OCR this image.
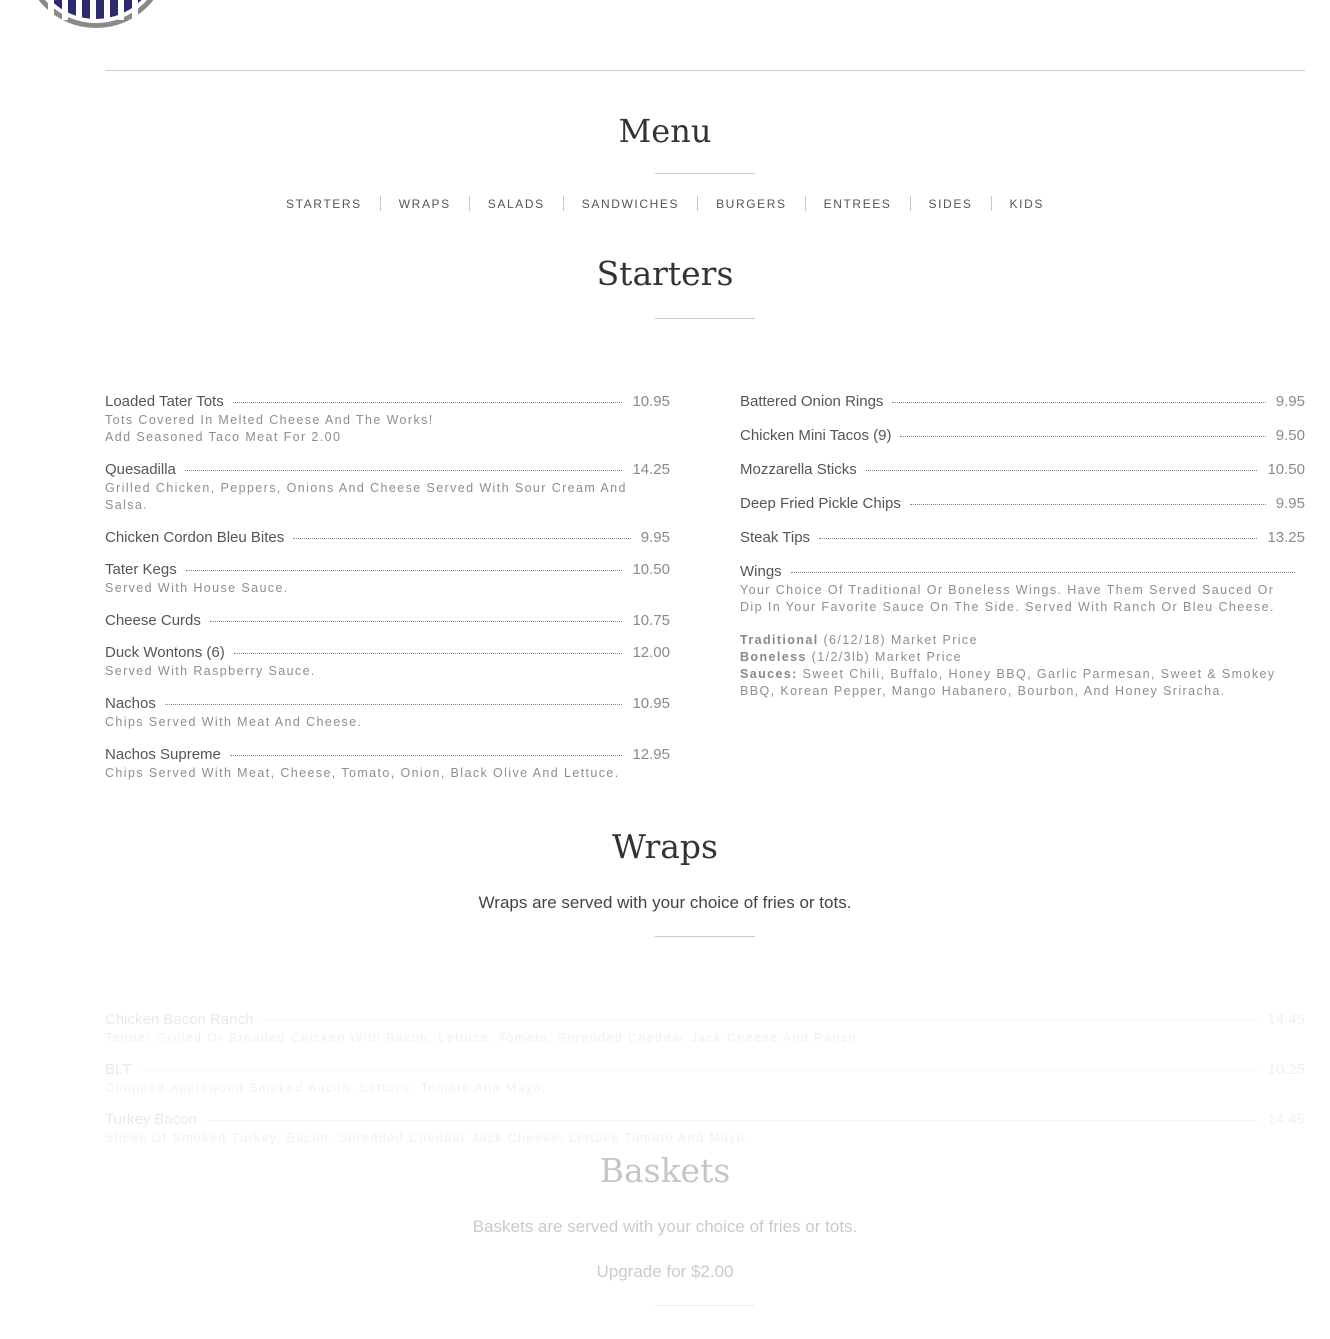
Menu
STARTERS	WRAPS	SALADS	SANDWICHES	BURGERS	ENTREES	SIDES	KIDS
Starters
Loaded Tater Tots	10.95
Tots Covered In Melted Cheese And The Works!
Add Seasoned Taco Meat For 2.00
Quesadilla	14.25
Grilled Chicken, Peppers, Onions And Cheese Served With Sour Cream And
Salsa.
Chicken Cordon Bleu Bites	9.95
Tater Kegs	10.50
Served With House Sauce.
Cheese Curds	10.75
Duck Wontons (6)	12.00
Served With Raspberry Sauce.
Nachos	10.95
Chips Served With Meat And Cheese.
Nachos Supreme	12.95
Chips Served With Meat, Cheese, Tomato, Onion, Black Olive And Lettuce.
Battered Onion Rings	9.95
Chicken Mini Tacos (9)	9.50
Mozzarella Sticks	10.50
Deep Fried Pickle Chips	9.95
Steak Tips	13.25
Wings
Your Choice Of Traditional Or Boneless Wings. Have Them Served Sauced Or
Dip In Your Favorite Sauce On The Side. Served With Ranch Or Bleu Cheese.
Traditional (6/12/18) Market Price
Boneless (1/2/3lb) Market Price
Sauces: Sweet Chili, Buffalo, Honey BBQ, Garlic Parmesan, Sweet & Smokey
BBQ, Korean Pepper, Mango Habanero, Bourbon, And Honey Sriracha.
Wraps
Wraps are served with your choice of fries or tots.
Chicken Bacon Ranch	14.45
Tender Grilled Or Breaded Chicken With Bacon, Lettuce, Tomato, Shredded Cheddar Jack Cheese And Ranch
BLT	10.25
Chopped Applewood Smoked Bacon, Lettuce, Tomato And Mayo.
Turkey Bacon	14.45
Slices Of Smoked Turkey, Bacon, Shredded Cheddar Jack Cheese, Lettuce Tomato And Mayo.
Baskets
Baskets are served with your choice of fries or tots.
Upgrade for $2.00
